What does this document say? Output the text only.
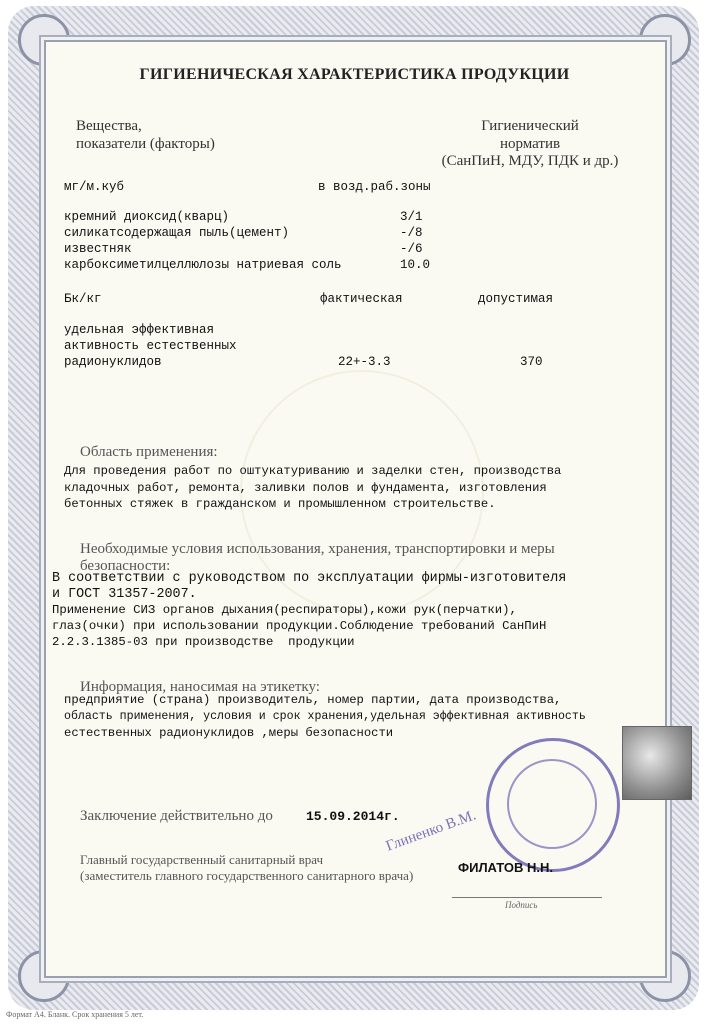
ГИГИЕНИЧЕСКАЯ ХАРАКТЕРИСТИКА ПРОДУКЦИИ
Вещества,
показатели (факторы)
Гигиенический
норматив
(СанПиН, МДУ, ПДК и др.)
мг/м.куб	в возд.раб.зоны
кремний диоксид(кварц)	3/1
силикатсодержащая пыль(цемент)	-/8
известняк	-/6
карбоксиметилцеллюлозы натриевая соль	10.0
Бк/кг	фактическая	допустимая
удельная эффективная
активность естественных
радионуклидов	22+-3.3	370
Область применения:
Для проведения работ по оштукатуриванию и заделки стен, производства
кладочных работ, ремонта, заливки полов и фундамента, изготовления
бетонных стяжек в гражданском и промышленном строительстве.
Необходимые условия использования, хранения, транспортировки и меры
безопасности:
В соответствии с руководством по эксплуатации фирмы-изготовителя
и ГОСТ 31357-2007.
Применение СИЗ органов дыхания(респираторы),кожи рук(перчатки),
глаз(очки) при использовании продукции.Соблюдение требований СанПиН
2.2.3.1385-03 при производстве  продукции
Информация, наносимая на этикетку:
предприятие (страна) производитель, номер партии, дата производства,
область применения, условия и срок хранения,удельная эффективная активность
естественных радионуклидов ,меры безопасности
Глиненко В.М.
Заключение действительно до	15.09.2014г.
Главный государственный санитарный врач
(заместитель главного государственного санитарного врача)
ФИЛАТОВ Н.Н.
Подпись
Формат А4. Бланк. Срок хранения 5 лет.
